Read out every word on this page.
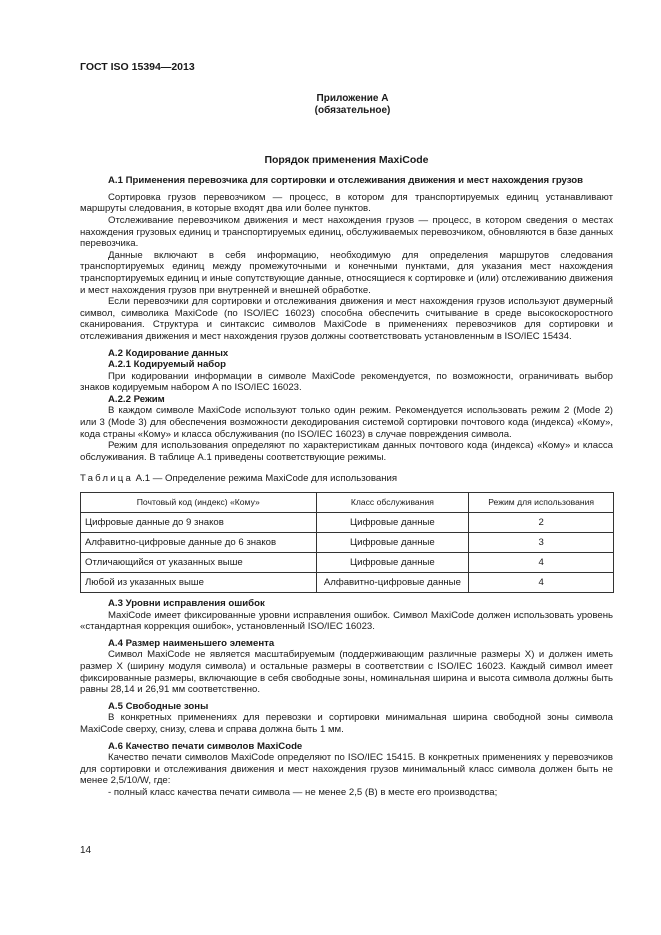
ГОСТ ISO 15394—2013
Приложение А
(обязательное)
Порядок применения MaxiCode
А.1 Применения перевозчика для сортировки и отслеживания движения и мест нахождения грузов

Сортировка грузов перевозчиком — процесс, в котором для транспортируемых единиц устанавливают маршруты следования, в которые входят два или более пунктов.

Отслеживание перевозчиком движения и мест нахождения грузов — процесс, в котором сведения о местах нахождения грузовых единиц и транспортируемых единиц, обслуживаемых перевозчиком, обновляются в базе данных перевозчика.

Данные включают в себя информацию, необходимую для определения маршрутов следования транспортируемых единиц между промежуточными и конечными пунктами, для указания мест нахождения транспортируемых единиц и иные сопутствующие данные, относящиеся к сортировке и (или) отслеживанию движения и мест нахождения грузов при внутренней и внешней обработке.

Если перевозчики для сортировки и отслеживания движения и мест нахождения грузов используют двумерный символ, символика MaxiCode (по ISO/IEC 16023) способна обеспечить считывание в среде высокоскоростного сканирования. Структура и синтаксис символов MaxiCode в применениях перевозчиков для сортировки и отслеживания движения и мест нахождения грузов должны соответствовать установленным в ISO/IEC 15434.

А.2 Кодирование данных
А.2.1 Кодируемый набор

При кодировании информации в символе MaxiCode рекомендуется, по возможности, ограничивать выбор знаков кодируемым набором А по ISO/IEC 16023.

А.2.2 Режим

В каждом символе MaxiCode используют только один режим. Рекомендуется использовать режим 2 (Mode 2) или 3 (Mode 3) для обеспечения возможности декодирования системой сортировки почтового кода (индекса) «Кому», кода страны «Кому» и класса обслуживания (по ISO/IEC 16023) в случае повреждения символа.

Режим для использования определяют по характеристикам данных почтового кода (индекса) «Кому» и класса обслуживания. В таблице А.1 приведены соответствующие режимы.

Таблица А.1 — Определение режима MaxiCode для использования
Почтовый код (индекс) «Кому»	Класс обслуживания	Режим для использования
Цифровые данные до 9 знаков	Цифровые данные	2
Алфавитно-цифровые данные до 6 знаков	Цифровые данные	3
Отличающийся от указанных выше	Цифровые данные	4
Любой из указанных выше	Алфавитно-цифровые данные	4
А.3 Уровни исправления ошибок

MaxiCode имеет фиксированные уровни исправления ошибок. Символ MaxiCode должен использовать уровень «стандартная коррекция ошибок», установленный ISO/IEC 16023.

А.4 Размер наименьшего элемента

Символ MaxiCode не является масштабируемым (поддерживающим различные размеры X) и должен иметь размер X (ширину модуля символа) и остальные размеры в соответствии с ISO/IEC 16023. Каждый символ имеет фиксированные размеры, включающие в себя свободные зоны, номинальная ширина и высота символа должны быть равны 28,14 и 26,91 мм соответственно.

А.5 Свободные зоны

В конкретных применениях для перевозки и сортировки минимальная ширина свободной зоны символа MaxiCode сверху, снизу, слева и справа должна быть 1 мм.

А.6 Качество печати символов MaxiCode

Качество печати символов MaxiCode определяют по ISO/IEC 15415. В конкретных применениях у перевозчиков для сортировки и отслеживания движения и мест нахождения грузов минимальный класс символа должен быть не менее 2,5/10/W, где:

- полный класс качества печати символа — не менее 2,5 (B) в месте его производства;
14
